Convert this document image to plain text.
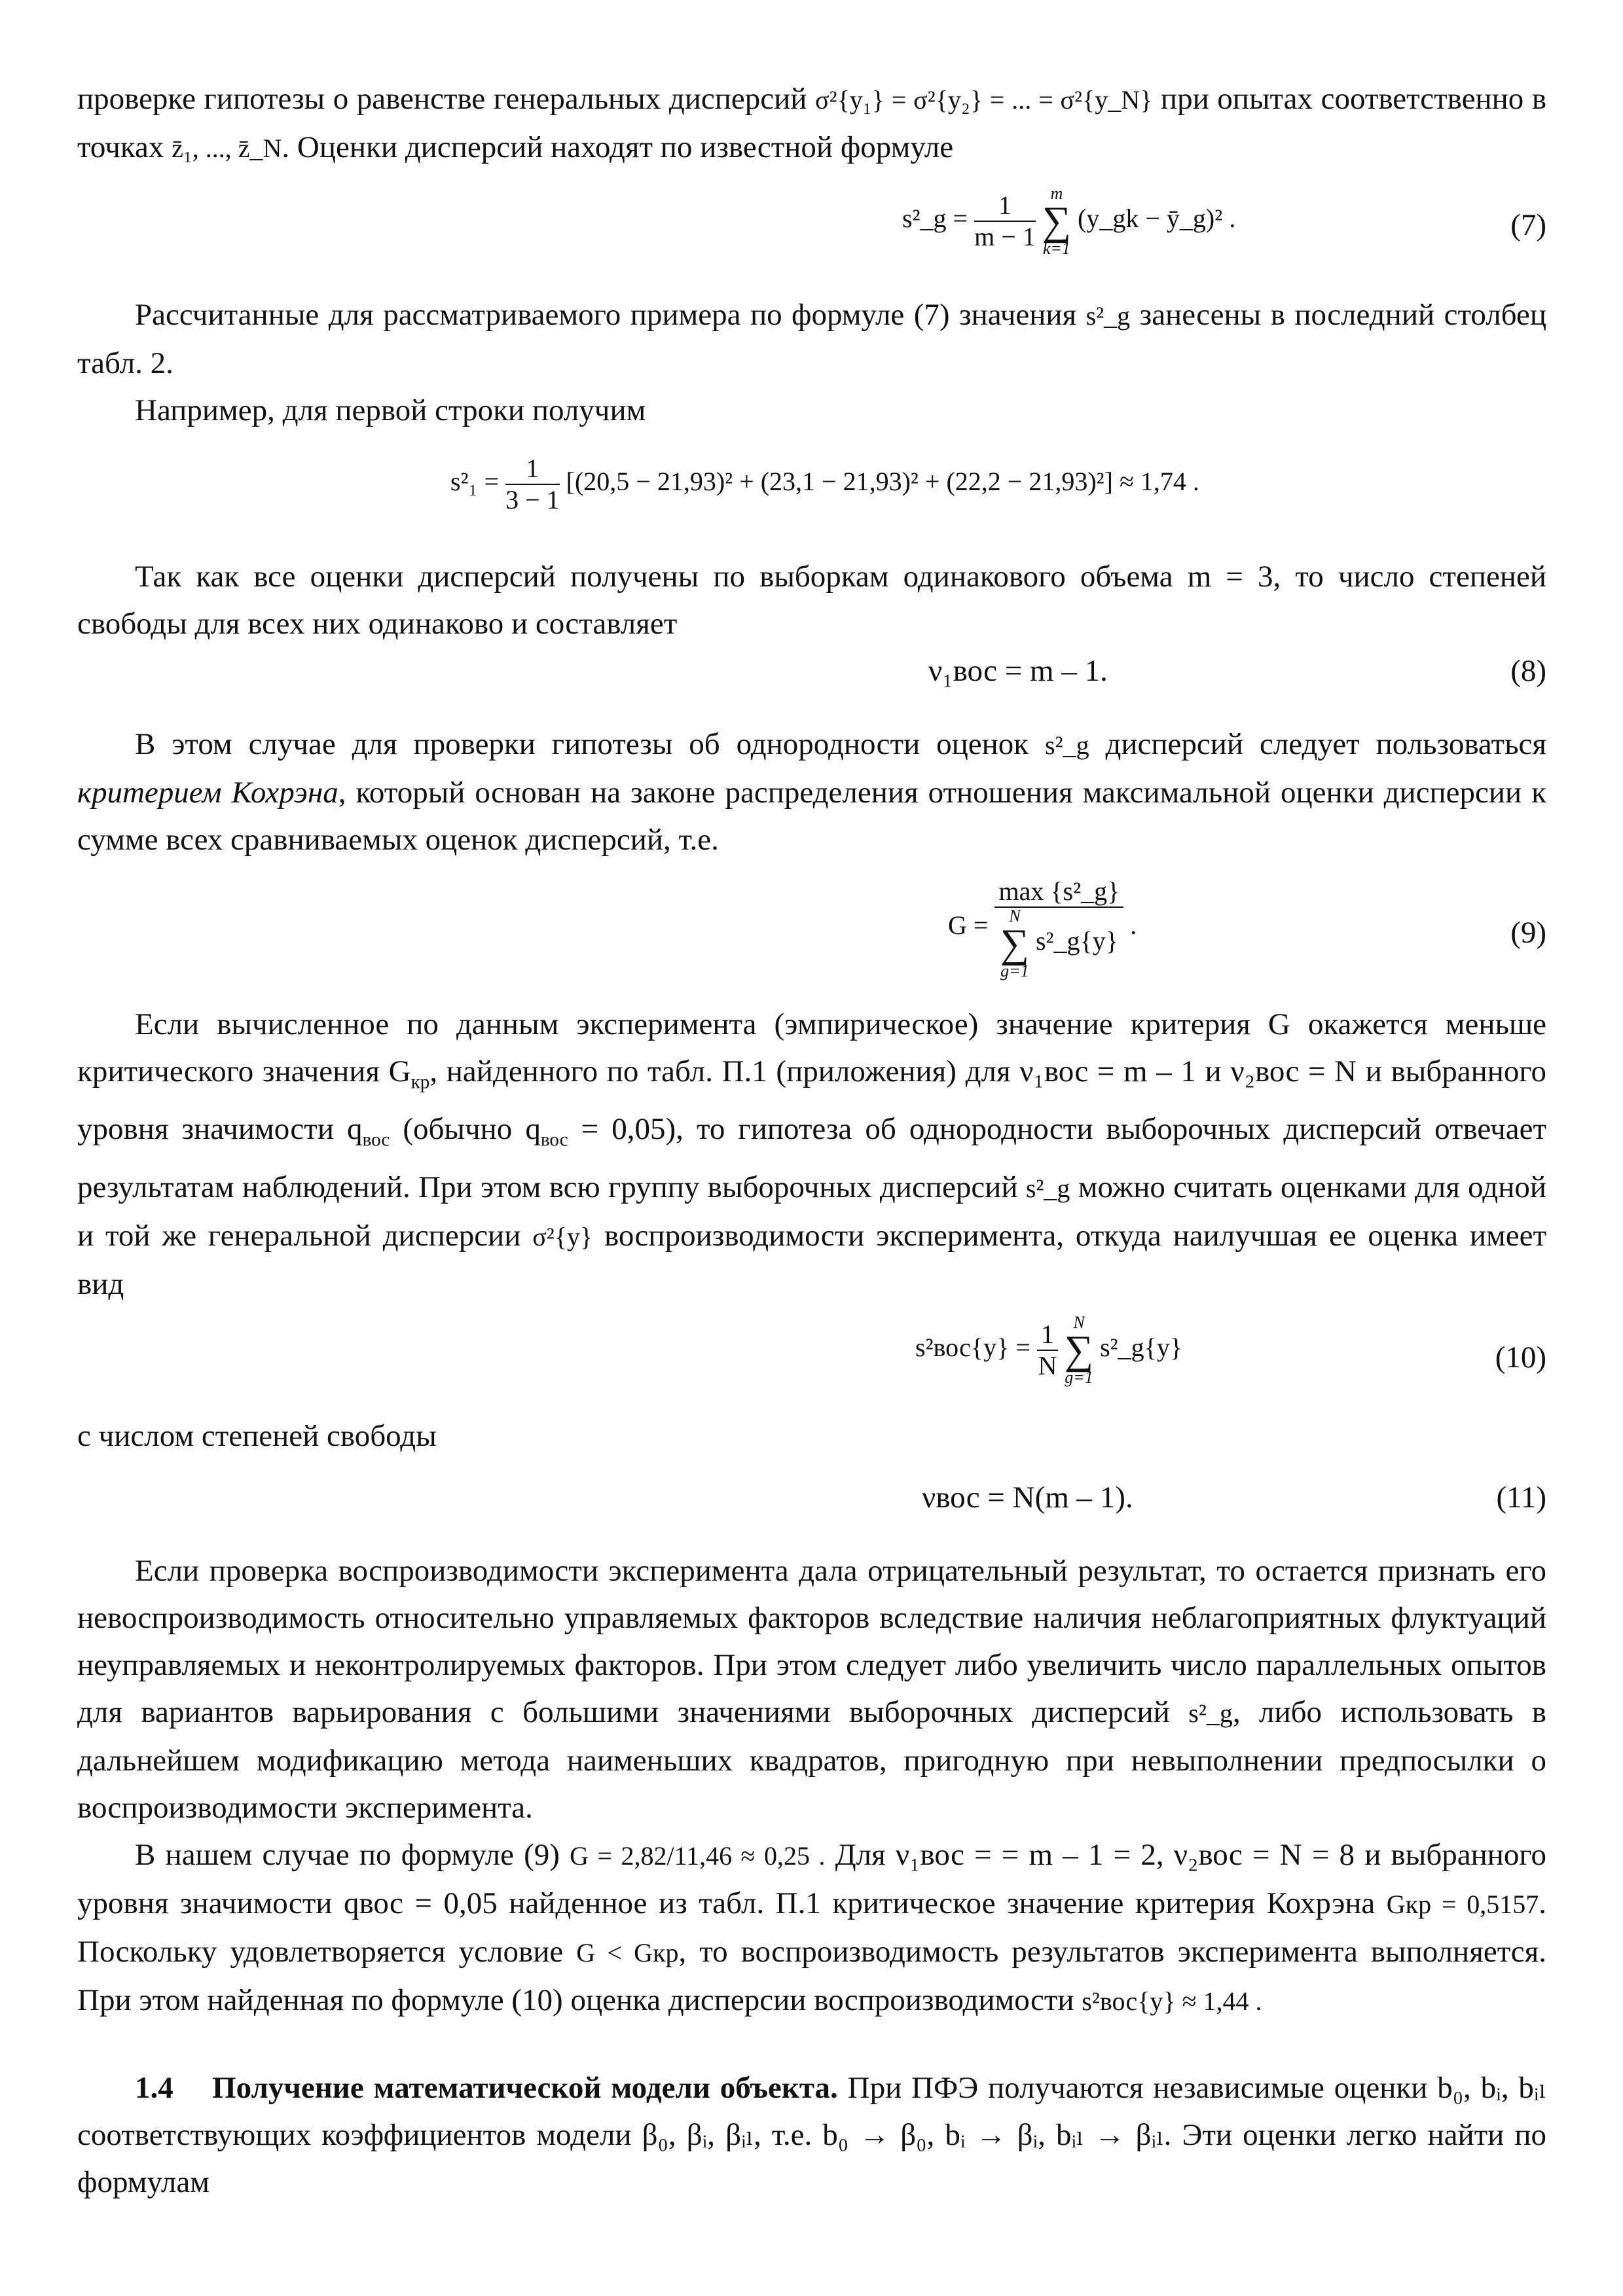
проверке гипотезы о равенстве генеральных дисперсий σ²{y₁} = σ²{y₂} = ... = σ²{y_N} при опытах соответственно в точках z̄₁, ..., z̄_N. Оценки дисперсий находят по известной формуле

s²_g = $\frac{1}{m - 1}$
m
∑
k=1
(y_gk − ȳ_g)² .	(7)

Рассчитанные для рассматриваемого примера по формуле (7) значения s²_g занесены в последний столбец табл. 2.

Например, для первой строки получим

$s^2_1 = \frac{1}{3 - 1} [(20,5 - 21,93)^2 + (23,1 - 21,93)^2 + (22,2 - 21,93)^2] \approx 1,74$ .

Так как все оценки дисперсий получены по выборкам одинакового объема m = 3, то число степеней свободы для всех них одинаково и составляет

ν₁вос = m – 1.	(8)

В этом случае для проверки гипотезы об однородности оценок s²_g дисперсий следует пользоваться критерием Кохрэна, который основан на законе распределения отношения максимальной оценки дисперсии к сумме всех сравниваемых оценок дисперсий, т.е.

G = max {s²_g}
N
∑
g=1
s²_g{y} .	(9)

Если вычисленное по данным эксперимента (эмпирическое) значение критерия G окажется меньше критического значения $G_{кр}$, найденного по табл. П.1 (приложения) для ν₁вос = m – 1 и ν₂вос = N и выбранного уровня значимости $q_{вос}$ (обычно $q_{вос} = 0,05$), то гипотеза об однородности выборочных дисперсий отвечает результатам наблюдений. При этом всю группу выборочных дисперсий s²_g можно считать оценками для одной и той же генеральной дисперсии σ²{y} воспроизводимости эксперимента, откуда наилучшая ее оценка имеет вид

$s^2вос\{y\} = \frac{1}{N}$
N
∑
g=1
s²_g{y}	(10)

с числом степеней свободы

νвос = N(m – 1).	(11)

Если проверка воспроизводимости эксперимента дала отрицательный результат, то остается признать его невоспроизводимость относительно управляемых факторов вследствие наличия неблагоприятных флуктуаций неуправляемых и неконтролируемых факторов. При этом следует либо увеличить число параллельных опытов для вариантов варьирования с большими значениями выборочных дисперсий s²_g, либо использовать в дальнейшем модификацию метода наименьших квадратов, пригодную при невыполнении предпосылки о воспроизводимости эксперимента.

В нашем случае по формуле (9) G = 2,82/11,46 ≈ 0,25 . Для ν₁вос = = m – 1 = 2, ν₂вос = N = 8 и выбранного уровня значимости qвос = 0,05 найденное из табл. П.1 критическое значение критерия Кохрэна Gкр = 0,5157. Поскольку удовлетворяется условие G < Gкр, то воспроизводимость результатов эксперимента выполняется. При этом найденная по формуле (10) оценка дисперсии воспроизводимости s²вос{y} ≈ 1,44 .

1.4 Получение математической модели объекта. При ПФЭ получаются независимые оценки b₀, bᵢ, bᵢₗ соответствующих коэффициентов модели β₀, βᵢ, βᵢₗ, т.е. b₀ → β₀, bᵢ → βᵢ, bᵢₗ → βᵢₗ. Эти оценки легко найти по формулам
